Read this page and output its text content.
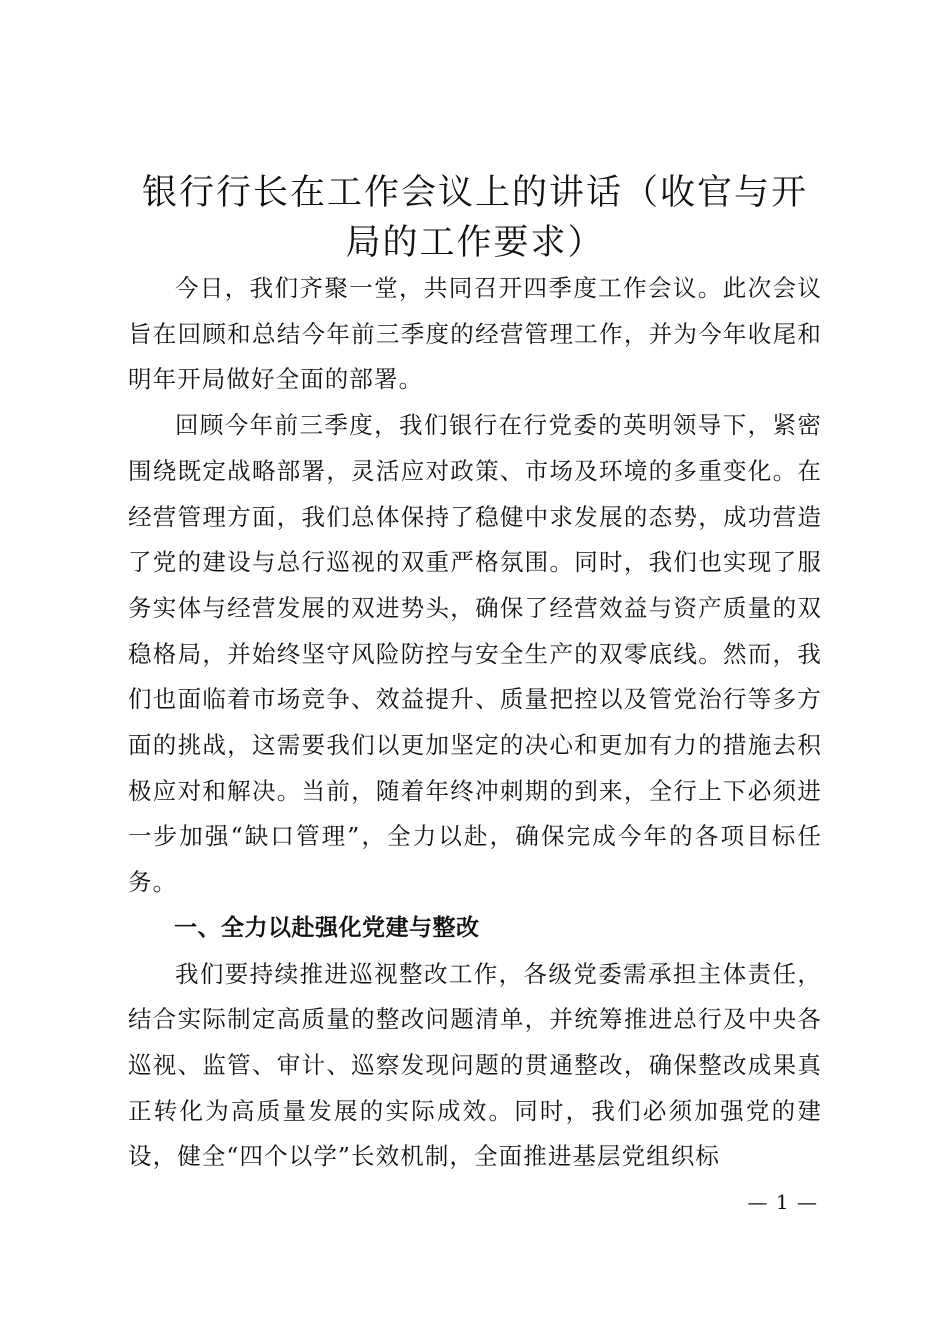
银行行长在工作会议上的讲话（收官与开局的工作要求）

今日，我们齐聚一堂，共同召开四季度工作会议。此次会议旨在回顾和总结今年前三季度的经营管理工作，并为今年收尾和明年开局做好全面的部署。

回顾今年前三季度，我们银行在行党委的英明领导下，紧密围绕既定战略部署，灵活应对政策、市场及环境的多重变化。在经营管理方面，我们总体保持了稳健中求发展的态势，成功营造了党的建设与总行巡视的双重严格氛围。同时，我们也实现了服务实体与经营发展的双进势头，确保了经营效益与资产质量的双稳格局，并始终坚守风险防控与安全生产的双零底线。然而，我们也面临着市场竞争、效益提升、质量把控以及管党治行等多方面的挑战，这需要我们以更加坚定的决心和更加有力的措施去积极应对和解决。当前，随着年终冲刺期的到来，全行上下必须进一步加强“缺口管理”，全力以赴，确保完成今年的各项目标任务。

一、全力以赴强化党建与整改

我们要持续推进巡视整改工作，各级党委需承担主体责任，结合实际制定高质量的整改问题清单，并统筹推进总行及中央各巡视、监管、审计、巡察发现问题的贯通整改，确保整改成果真正转化为高质量发展的实际成效。同时，我们必须加强党的建设，健全“四个以学”长效机制，全面推进基层党组织标

— 1 —
